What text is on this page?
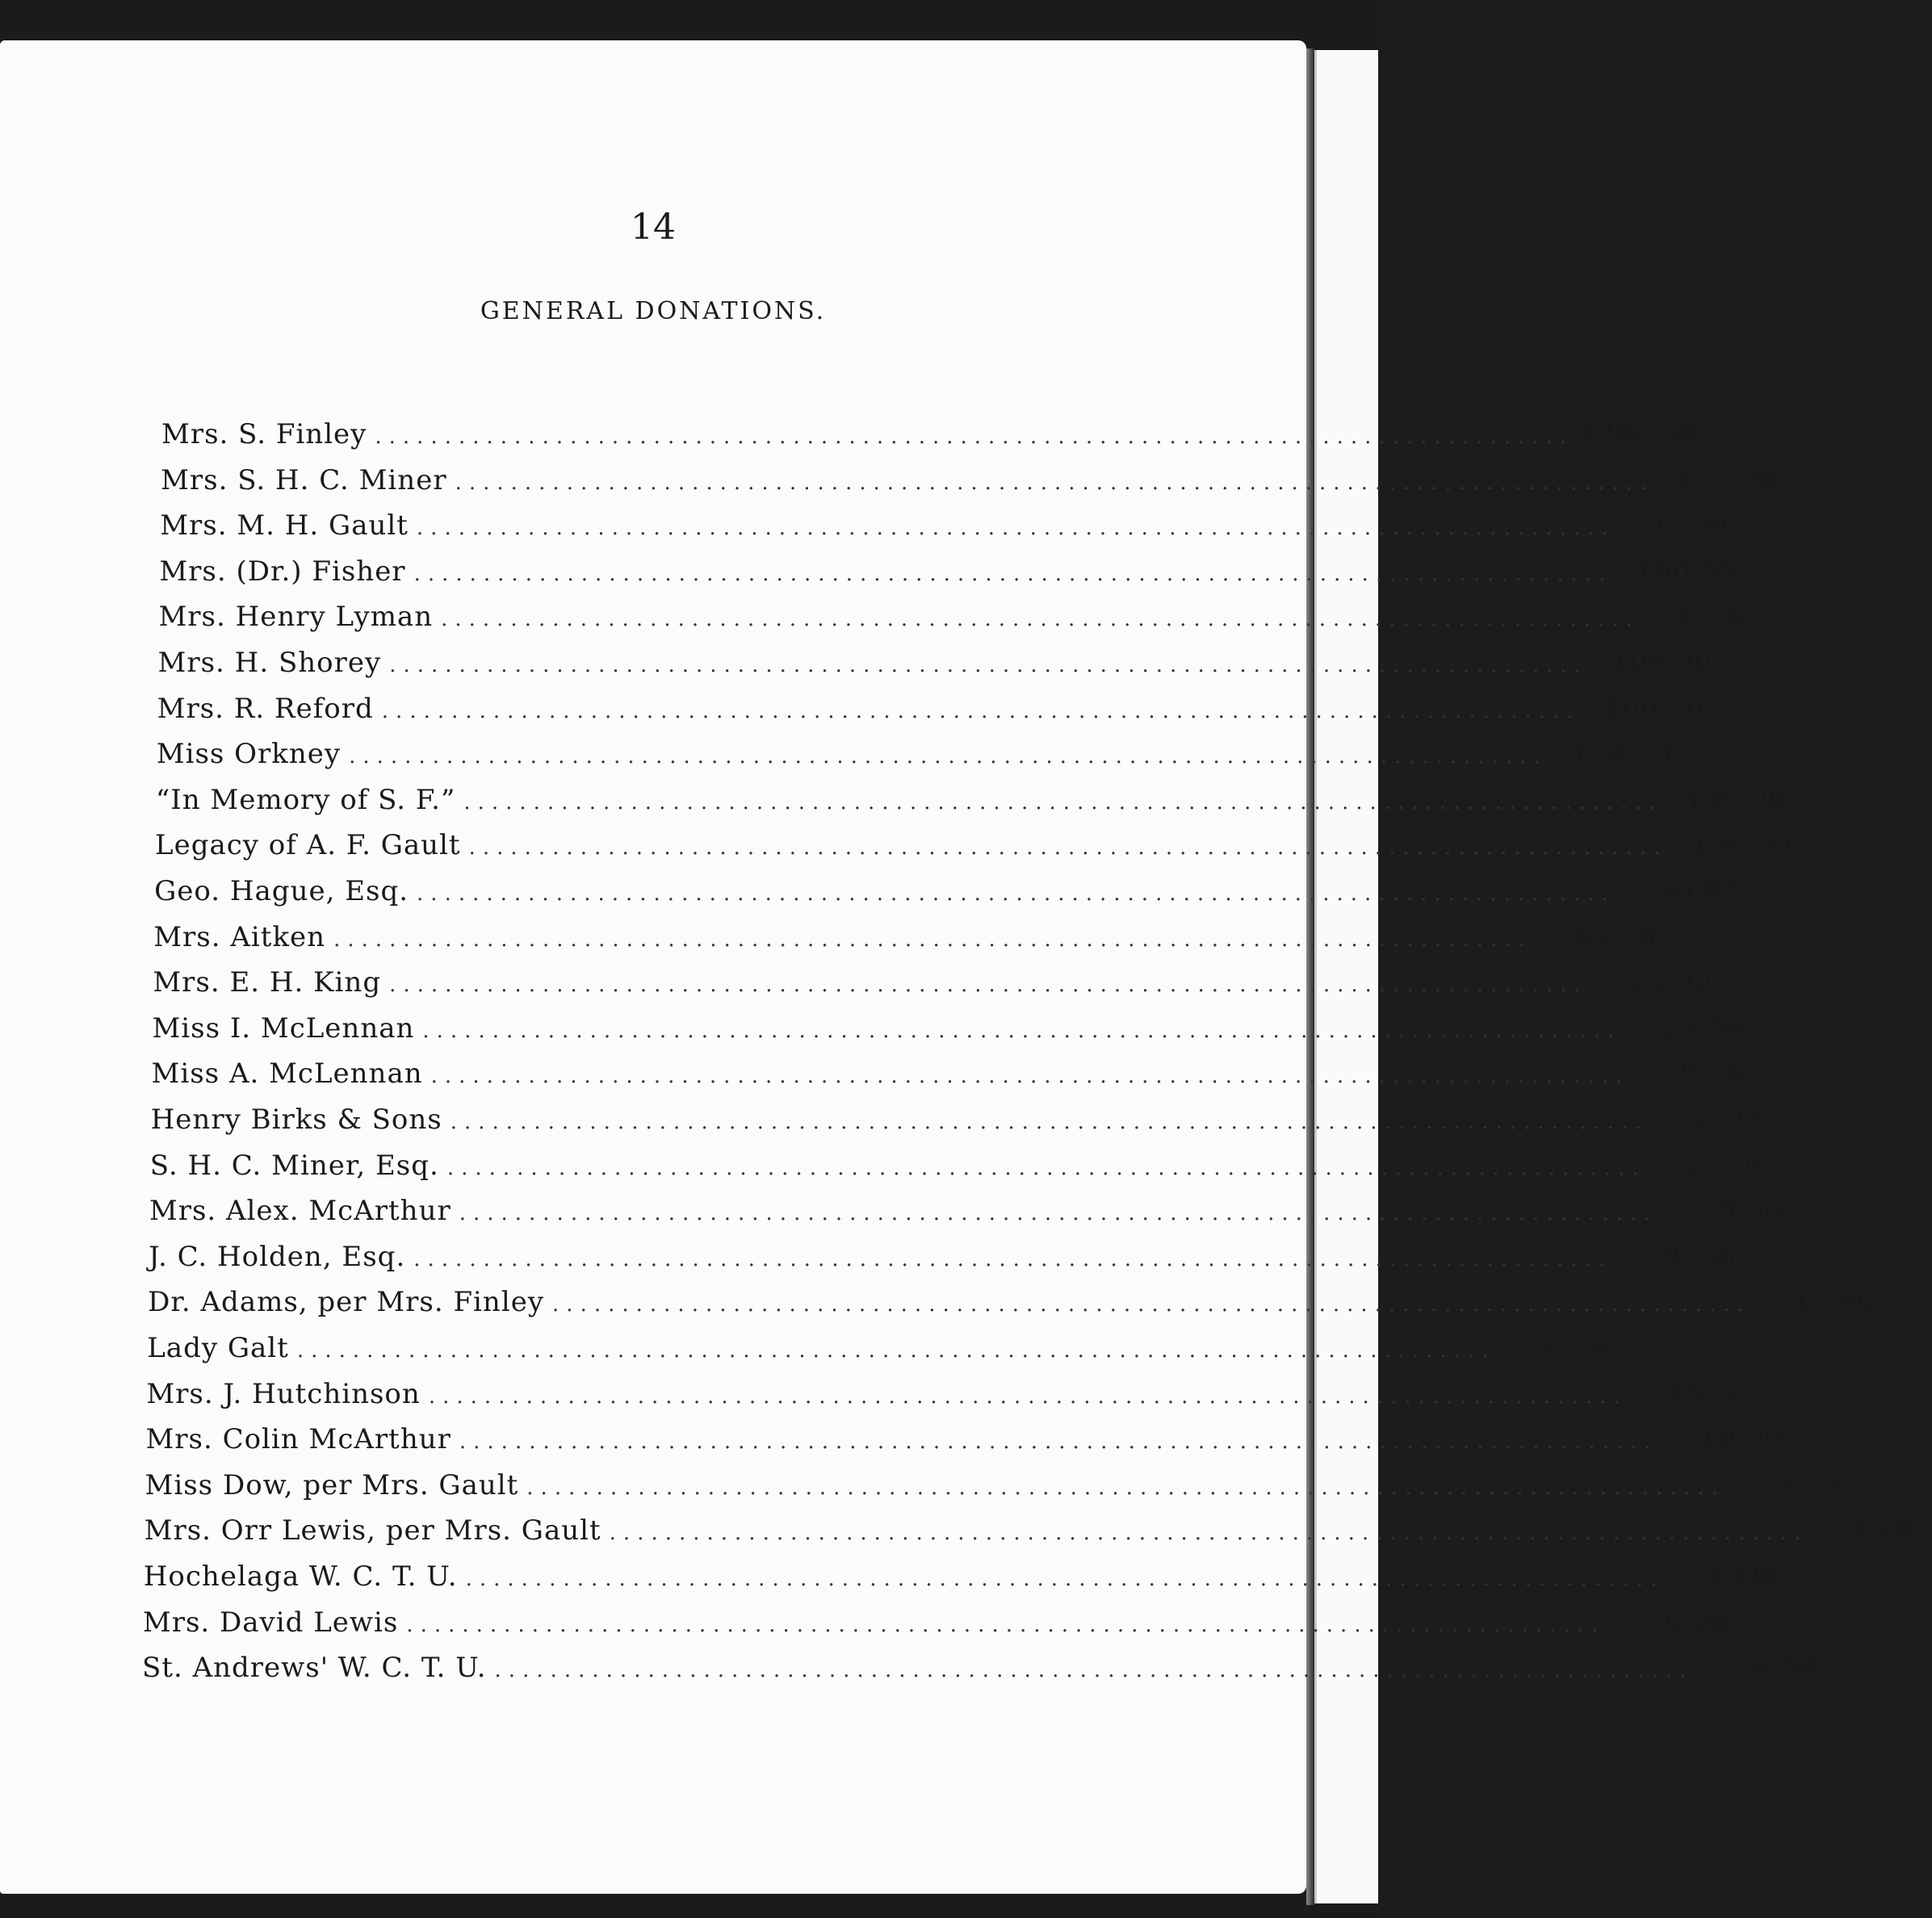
14
GENERAL DONATIONS.
Mrs. S. Finley ...................................................................................... $ 200.00
Mrs. S. H. C. Miner ...................................................................................... 125.00
Mrs. M. H. Gault ...................................................................................... 105.00
Mrs. (Dr.) Fisher ...................................................................................... 100.00
Mrs. Henry Lyman ...................................................................................... 100.00
Mrs. H. Shorey ...................................................................................... 100.00
Mrs. R. Reford ...................................................................................... 100.00
Miss Orkney ...................................................................................... 100.00
“In Memory of S. F.” ...................................................................................... 100.00
Legacy of A. F. Gault ...................................................................................... 100.00
Geo. Hague, Esq. ......................................................................................	50.00
Mrs. Aitken ......................................................................................	45.00
Mrs. E. H. King ......................................................................................	25.00
Miss I. McLennan ......................................................................................	25.00
Miss A. McLennan ......................................................................................	25.00
Henry Birks & Sons ......................................................................................	25.00
S. H. C. Miner, Esq. ......................................................................................	25.00
Mrs. Alex. McArthur ......................................................................................	20.00
J. C. Holden, Esq. ......................................................................................	20.00
Dr. Adams, per Mrs. Finley ......................................................................................	15.00
Lady Galt ......................................................................................	15.00
Mrs. J. Hutchinson ......................................................................................	15.00
Mrs. Colin McArthur ......................................................................................	10.00
Miss Dow, per Mrs. Gault ......................................................................................	10.00
Mrs. Orr Lewis, per Mrs. Gault ......................................................................................	10.00
Hochelaga W. C. T. U. ......................................................................................	10.00
Mrs. David Lewis ......................................................................................	10.00
St. Andrews' W. C. T. U. ......................................................................................	6.50
